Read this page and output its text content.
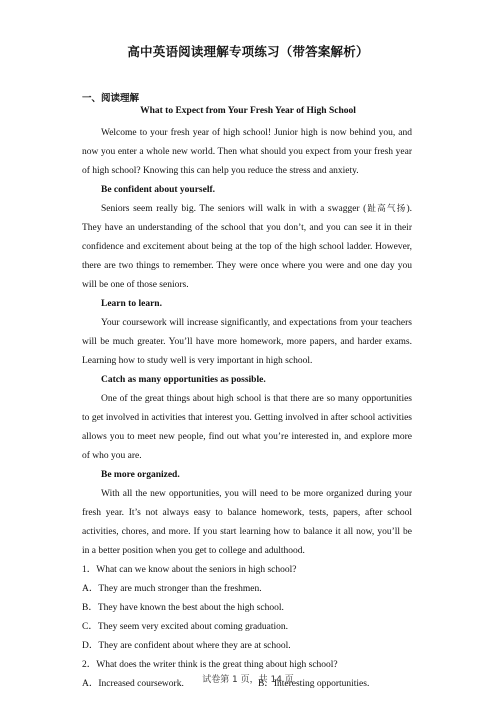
高中英语阅读理解专项练习（带答案解析）
一、阅读理解
What to Expect from Your Fresh Year of High School

Welcome to your fresh year of high school! Junior high is now behind you, and now you enter a whole new world. Then what should you expect from your fresh year of high school? Knowing this can help you reduce the stress and anxiety.

Be confident about yourself.

Seniors seem really big. The seniors will walk in with a swagger (趾高气扬). They have an understanding of the school that you don’t, and you can see it in their confidence and excitement about being at the top of the high school ladder. However, there are two things to remember. They were once where you were and one day you will be one of those seniors.

Learn to learn.

Your coursework will increase significantly, and expectations from your teachers will be much greater. You’ll have more homework, more papers, and harder exams. Learning how to study well is very important in high school.

Catch as many opportunities as possible.

One of the great things about high school is that there are so many opportunities to get involved in activities that interest you. Getting involved in after school activities allows you to meet new people, find out what you’re interested in, and explore more of who you are.

Be more organized.

With all the new opportunities, you will need to be more organized during your fresh year. It’s not always easy to balance homework, tests, papers, after school activities, chores, and more. If you start learning how to balance it all now, you’ll be in a better position when you get to college and adulthood.

1．What can we know about the seniors in high school?

A．They are much stronger than the freshmen.

B．They have known the best about the high school.

C．They seem very excited about coming graduation.

D．They are confident about where they are at school.

2．What does the writer think is the great thing about high school?

A．Increased coursework.	B．Interesting opportunities.
试卷第 1 页，共 14 页
